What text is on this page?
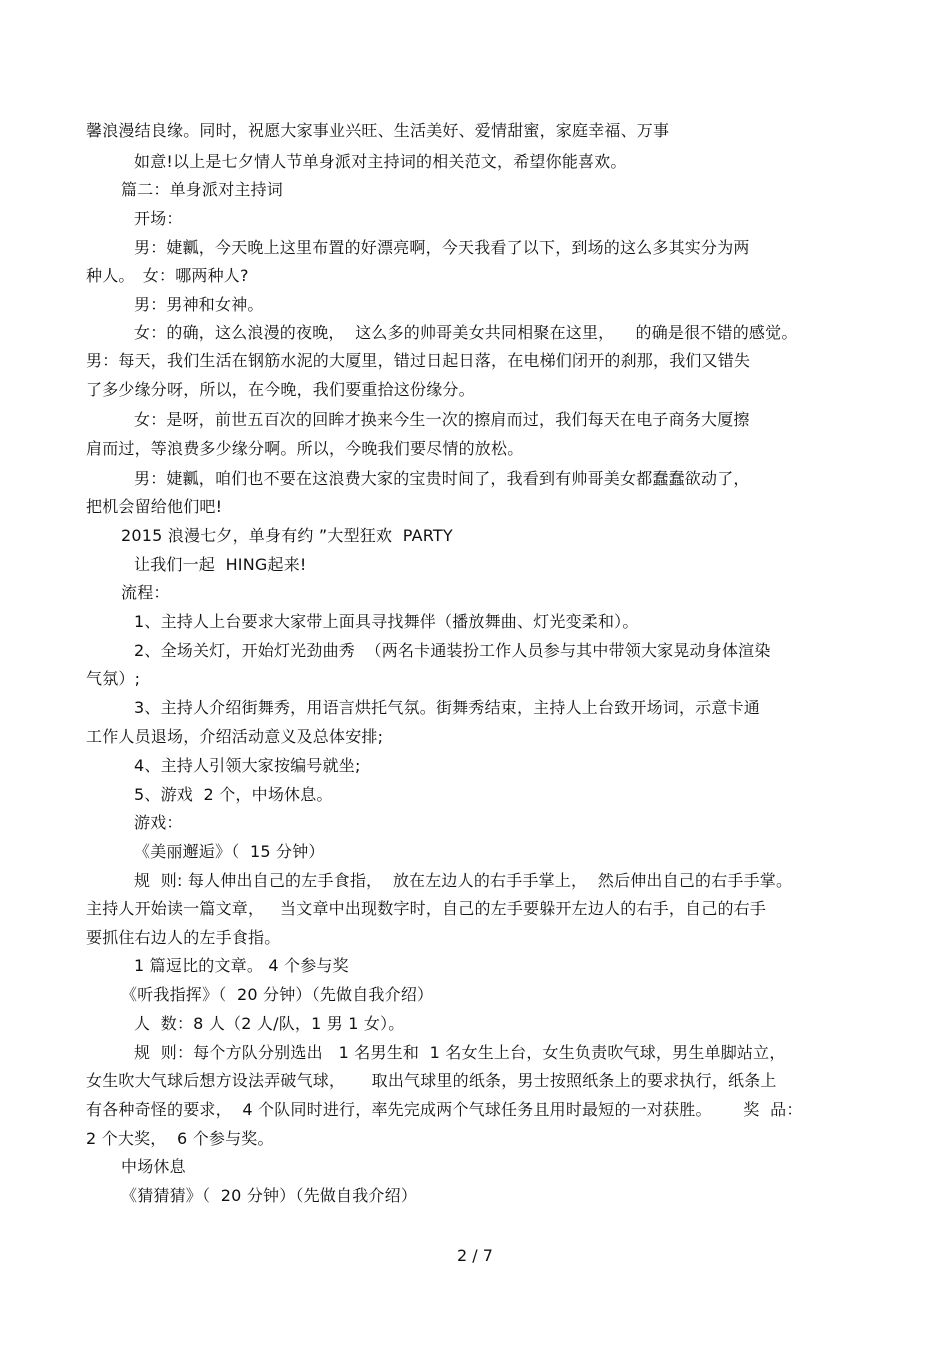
馨浪漫结良缘。同时，祝愿大家事业兴旺、生活美好、爱情甜蜜，家庭幸福、万事
如意!以上是七夕情人节单身派对主持词的相关范文，希望你能喜欢。
篇二：单身派对主持词
开场：
男：婕瓤，今天晚上这里布置的好漂亮啊，今天我看了以下，到场的这么多其实分为两
种人。　女：哪两种人?
男：男神和女神。
女：的确，这么浪漫的夜晚，  这么多的帅哥美女共同相聚在这里，    的确是很不错的感觉。
男：每天，我们生活在钢筋水泥的大厦里，错过日起日落，在电梯们闭开的刹那，我们又错失
了多少缘分呀，所以，在今晚，我们要重拾这份缘分。
女：是呀，前世五百次的回眸才换来今生一次的擦肩而过，我们每天在电子商务大厦擦
肩而过，等浪费多少缘分啊。所以，今晚我们要尽情的放松。
男：婕瓤，咱们也不要在这浪费大家的宝贵时间了，我看到有帅哥美女都蠢蠢欲动了，
把机会留给他们吧!
2015 浪漫七夕，单身有约 ”大型狂欢  PARTY
让我们一起  HING起来!
流程：
1、主持人上台要求大家带上面具寻找舞伴（播放舞曲、灯光变柔和）。
2、全场关灯，开始灯光劲曲秀  （两名卡通装扮工作人员参与其中带领大家晃动身体渲染
气氛）;
3、主持人介绍街舞秀，用语言烘托气氛。街舞秀结束，主持人上台致开场词，示意卡通
工作人员退场，介绍活动意义及总体安排;
4、主持人引领大家按编号就坐;
5、游戏  2 个，中场休息。
游戏：
《美丽邂逅》（  15 分钟）
规  则: 每人伸出自己的左手食指，  放在左边人的右手手掌上，  然后伸出自己的右手手掌。
主持人开始读一篇文章，   当文章中出现数字时，自己的左手要躲开左边人的右手，自己的右手
要抓住右边人的左手食指。
1 篇逗比的文章。 4 个参与奖
《听我指挥》（  20 分钟）（先做自我介绍）
人  数：8 人（2 人/队，1 男 1 女）。
规  则：每个方队分别选出   1 名男生和  1 名女生上台，女生负责吹气球，男生单脚站立，
女生吹大气球后想方设法弄破气球，     取出气球里的纸条，男士按照纸条上的要求执行，纸条上
有各种奇怪的要求，  4 个队同时进行，率先完成两个气球任务且用时最短的一对获胜。      奖  品：
2 个大奖，  6 个参与奖。
中场休息
《猜猜猜》（  20 分钟）（先做自我介绍）
2 / 7
